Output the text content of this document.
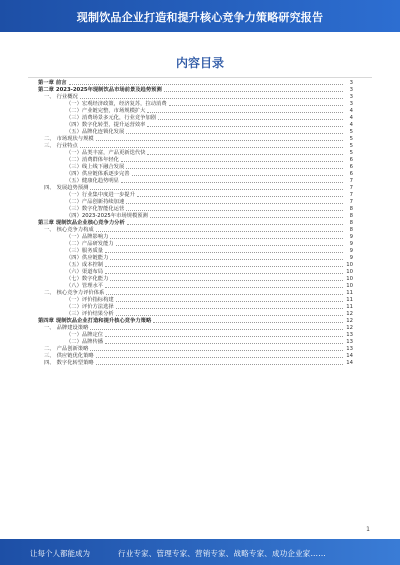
现制饮品企业打造和提升核心竞争力策略研究报告
内容目录
第一章 前言	3
第二章 2023-2025年现制饮品市场前景及趋势预测	3
一、 行业概况	3
（一）宏观经济政策，经济复苏，拉动消费	3
（二）产业链完整，市场规模扩大	4
（三）消费场景多元化，行业竞争加剧	4
（四）数字化转型，提升运营效率	4
（五）品牌化连锁化发展	5
二、 市场现状与规模	5
三、 行业特点	5
（一）品类丰富，产品更新迭代快	5
（二）消费群体年轻化	6
（三）线上线下融合发展	6
（四）供应链体系逐步完善	6
（五）健康化趋势明显	7
四、 发展趋势预测	7
（一）行业集中度进一步提升	7
（二）产品创新持续加速	7
（三）数字化智能化运营	8
（四）2023-2025年市场规模预测	8
第三章 现制饮品企业核心竞争力分析	8
一、 核心竞争力构成	8
（一）品牌影响力	9
（二）产品研发能力	9
（三）服务质量	9
（四）供应链能力	9
（五）成本控制	10
（六）渠道布局	10
（七）数字化能力	10
（八）管理水平	10
二、 核心竞争力评价体系	11
（一）评价指标构建	11
（二）评价方法选择	11
（三）评价结果分析	12
第四章 现制饮品企业打造和提升核心竞争力策略	12
一、 品牌建设策略	12
（一）品牌定位	13
（二）品牌传播	13
二、 产品创新策略	13
三、 供应链优化策略	14
四、 数字化转型策略	14
1
让每个人都能成为	行业专家、管理专家、营销专家、战略专家、成功企业家……
